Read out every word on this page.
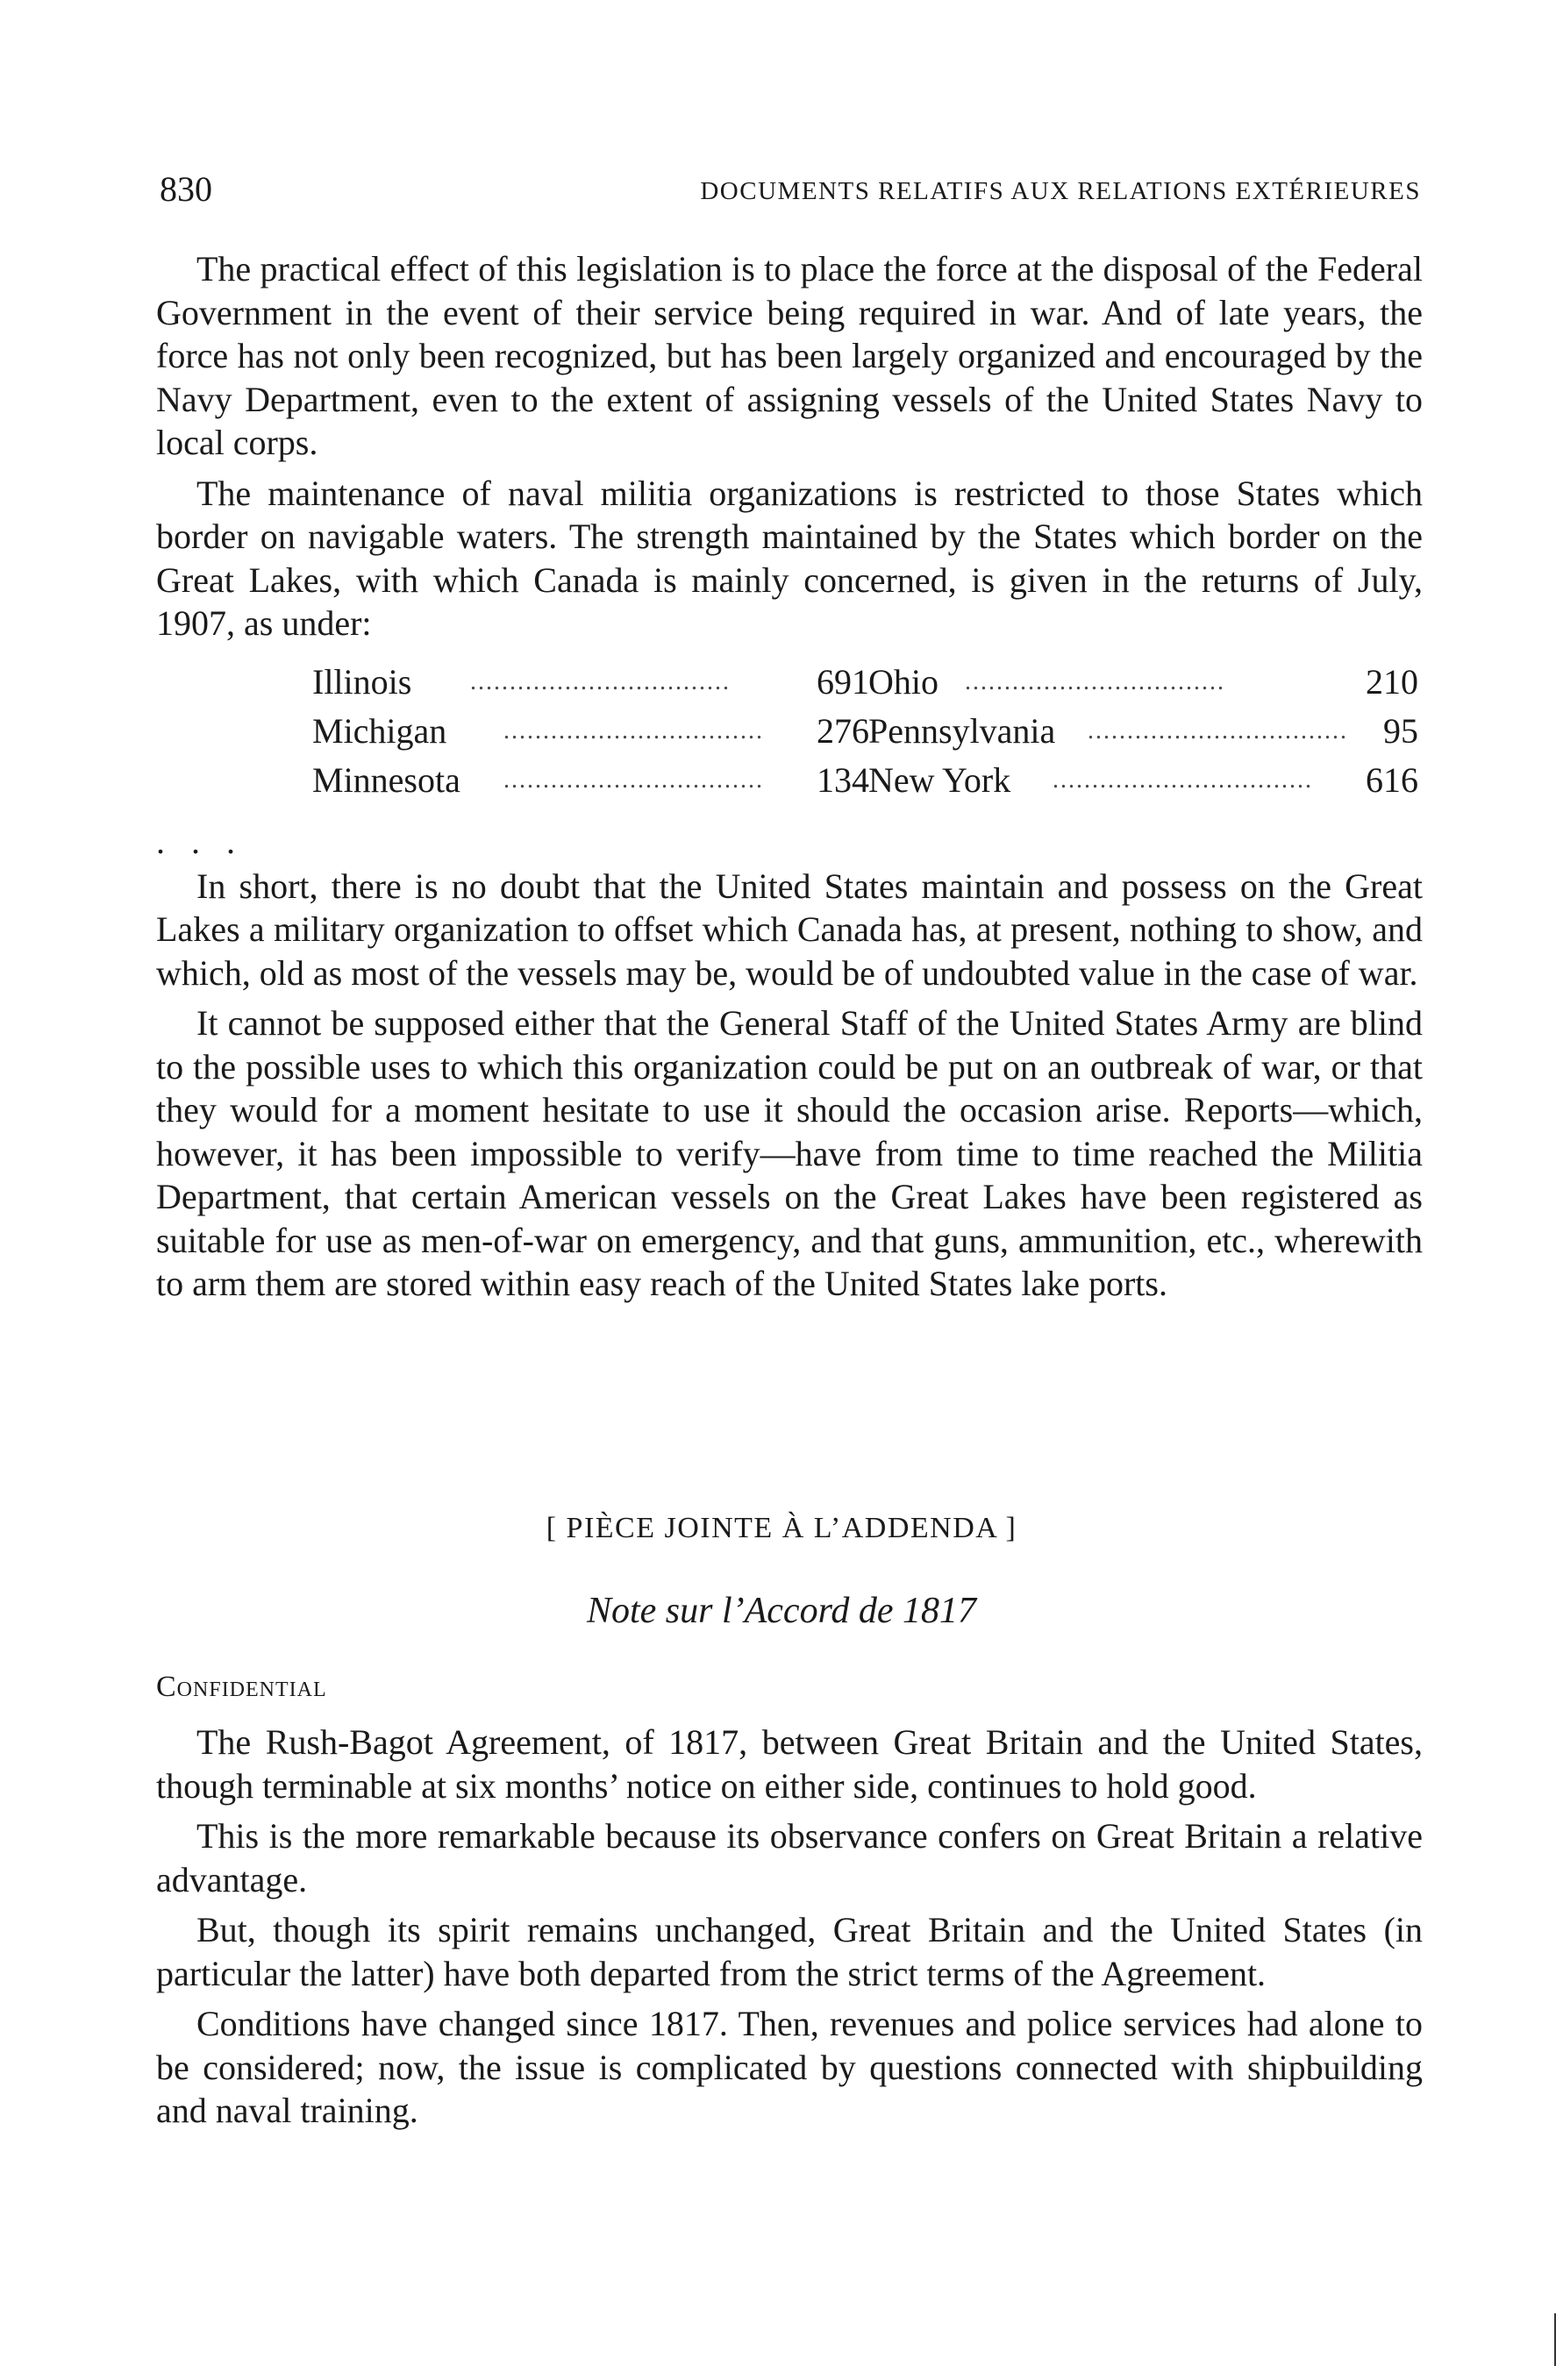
830	DOCUMENTS RELATIFS AUX RELATIONS EXTÉRIEURES

The practical effect of this legislation is to place the force at the disposal of the Federal Government in the event of their service being required in war. And of late years, the force has not only been recognized, but has been largely organized and encouraged by the Navy Department, even to the extent of assigning vessels of the United States Navy to local corps.

The maintenance of naval militia organizations is restricted to those States which border on navigable waters. The strength maintained by the States which border on the Great Lakes, with which Canada is mainly concerned, is given in the returns of July, 1907, as under:

Illinois ................................. 691
Michigan ................................. 276
Minnesota ................................. 134
Ohio .................................	210
Pennsylvania ................................. 95
New York ................................. 616
. . .

In short, there is no doubt that the United States maintain and possess on the Great Lakes a military organization to offset which Canada has, at present, nothing to show, and which, old as most of the vessels may be, would be of undoubted value in the case of war.

It cannot be supposed either that the General Staff of the United States Army are blind to the possible uses to which this organization could be put on an outbreak of war, or that they would for a moment hesitate to use it should the occasion arise. Reports—which, however, it has been impossible to verify—have from time to time reached the Militia Department, that certain American vessels on the Great Lakes have been registered as suitable for use as men-of-war on emergency, and that guns, ammunition, etc., wherewith to arm them are stored within easy reach of the United States lake ports.

[ PIÈCE JOINTE À L’ADDENDA ]
Note sur l’Accord de 1817
Confidential

The Rush-Bagot Agreement, of 1817, between Great Britain and the United States, though terminable at six months’ notice on either side, continues to hold good.

This is the more remarkable because its observance confers on Great Britain a relative advantage.

But, though its spirit remains unchanged, Great Britain and the United States (in particular the latter) have both departed from the strict terms of the Agreement.

Conditions have changed since 1817. Then, revenues and police services had alone to be considered; now, the issue is complicated by questions connected with shipbuilding and naval training.
